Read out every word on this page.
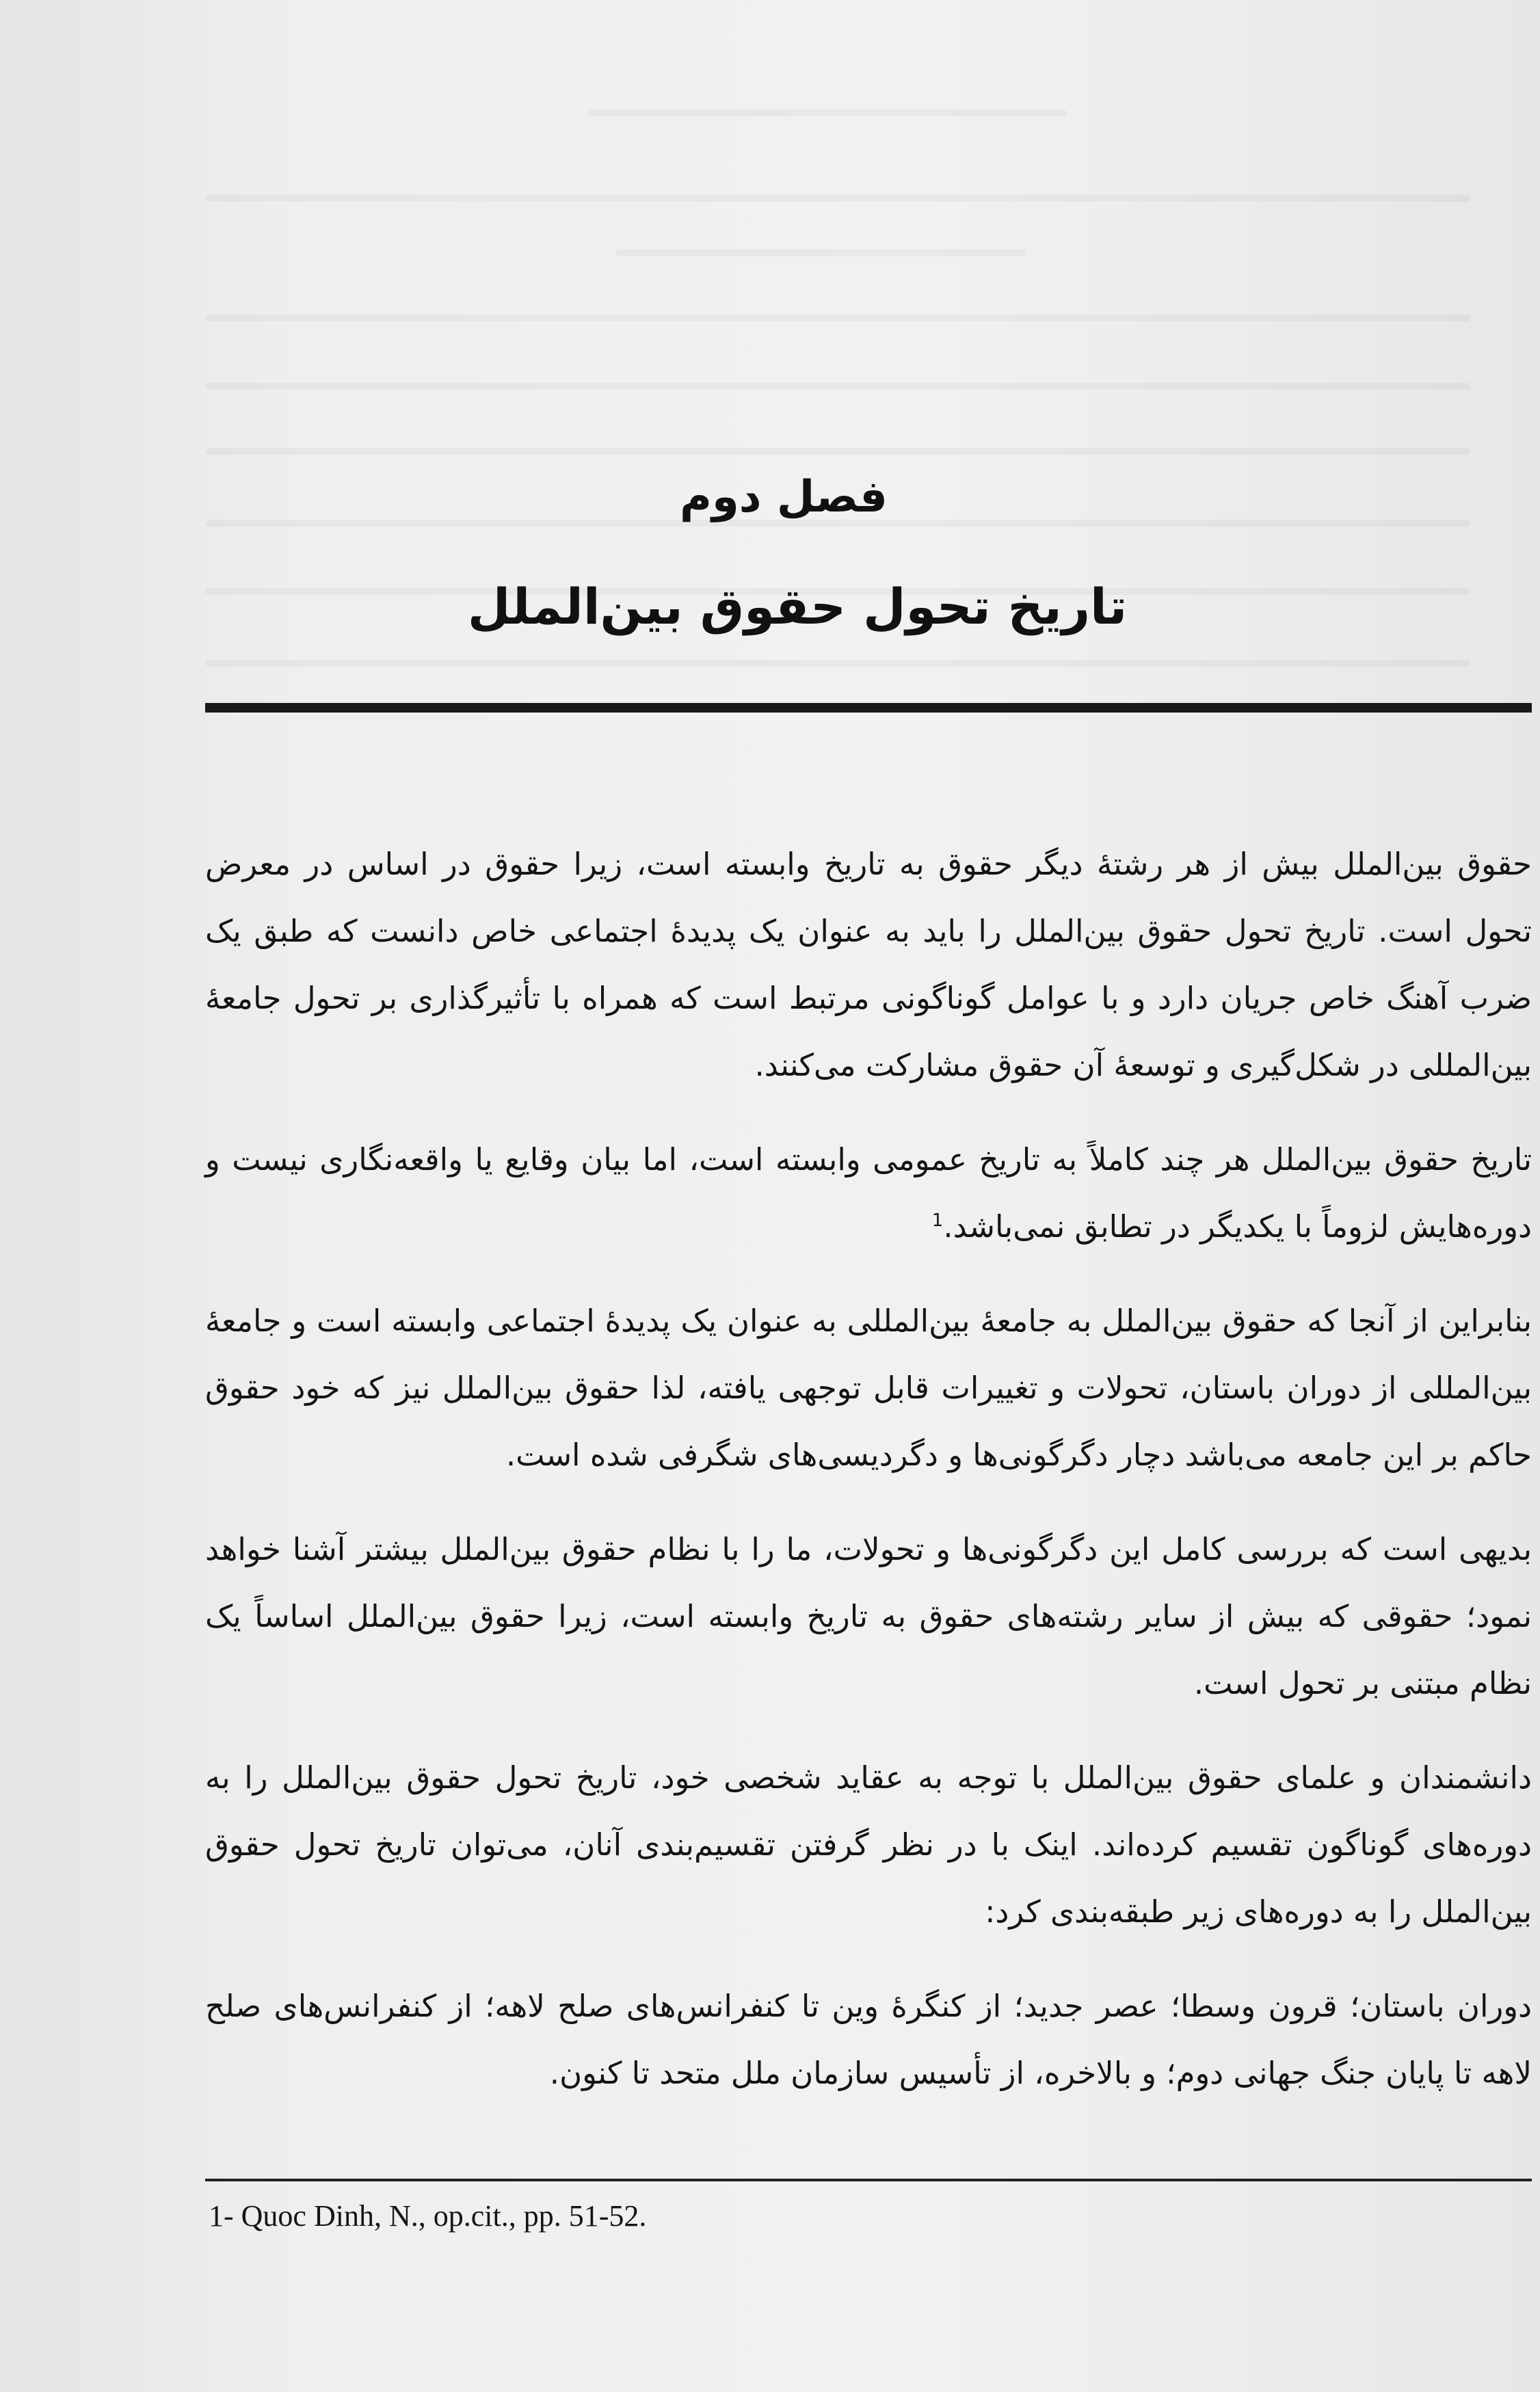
فصل دوم
تاریخ تحول حقوق بین‌الملل

حقوق بین‌الملل بیش از هر رشتهٔ دیگر حقوق به تاریخ وابسته است، زیرا حقوق در اساس در معرض تحول است. تاریخ تحول حقوق بین‌الملل را باید به عنوان یک پدیدهٔ اجتماعی خاص دانست که طبق یک ضرب آهنگ خاص جریان دارد و با عوامل گوناگونی مرتبط است که همراه با تأثیرگذاری بر تحول جامعهٔ بین‌المللی در شکل‌گیری و توسعهٔ آن حقوق مشارکت می‌کنند.

تاریخ حقوق بین‌الملل هر چند کاملاً به تاریخ عمومی وابسته است، اما بیان وقایع یا واقعه‌نگاری نیست و دوره‌هایش لزوماً با یکدیگر در تطابق نمی‌باشد.$^1$

بنابراین از آنجا که حقوق بین‌الملل به جامعهٔ بین‌المللی به عنوان یک پدیدهٔ اجتماعی وابسته است و جامعهٔ بین‌المللی از دوران باستان، تحولات و تغییرات قابل توجهی یافته، لذا حقوق بین‌الملل نیز که خود حقوق حاکم بر این جامعه می‌باشد دچار دگرگونی‌ها و دگردیسی‌های شگرفی شده است.

بدیهی است که بررسی کامل این دگرگونی‌ها و تحولات، ما را با نظام حقوق بین‌الملل بیشتر آشنا خواهد نمود؛ حقوقی که بیش از سایر رشته‌های حقوق به تاریخ وابسته است، زیرا حقوق بین‌الملل اساساً یک نظام مبتنی بر تحول است.

دانشمندان و علمای حقوق بین‌الملل با توجه به عقاید شخصی خود، تاریخ تحول حقوق بین‌الملل را به دوره‌های گوناگون تقسیم کرده‌اند. اینک با در نظر گرفتن تقسیم‌بندی آنان، می‌توان تاریخ تحول حقوق بین‌الملل را به دوره‌های زیر طبقه‌بندی کرد:

دوران باستان؛ قرون وسطا؛ عصر جدید؛ از کنگرهٔ وین تا کنفرانس‌های صلح لاهه؛ از کنفرانس‌های صلح لاهه تا پایان جنگ جهانی دوم؛ و بالاخره، از تأسیس سازمان ملل متحد تا کنون.

1- Quoc Dinh, N., op.cit., pp. 51-52.
